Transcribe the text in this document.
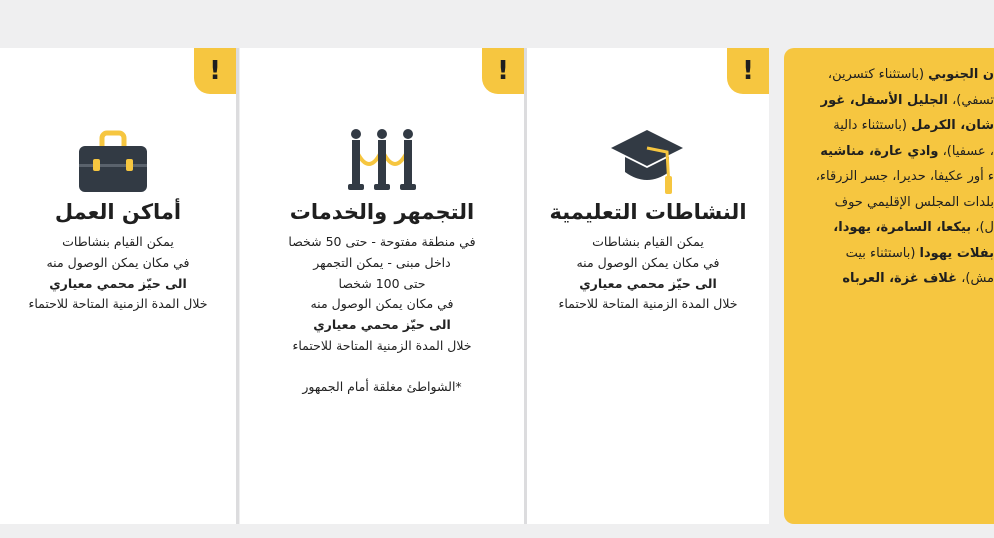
!
أماكن العمل
يمكن القيام بنشاطات
في مكان يمكن الوصول منه
الى حيّز محمي معياري
خلال المدة الزمنية المتاحة للاحتماء
!
التجمهر والخدمات
في منطقة مفتوحة - حتى 50 شخصا
داخل مبنى - يمكن التجمهر
حتى 100 شخصا
في مكان يمكن الوصول منه
الى حيّز محمي معياري
خلال المدة الزمنية المتاحة للاحتماء
*الشواطئ مغلقة أمام الجمهور
!
النشاطات التعليمية
يمكن القيام بنشاطات
في مكان يمكن الوصول منه
الى حيّز محمي معياري
خلال المدة الزمنية المتاحة للاحتماء
ن الجنوبي (باستثناء كتسرين،
تسفي)، الجليل الأسفل، غور
شان، الكرمل (باستثناء دالية
، عسفيا)، وادي عارة، مناشيه
ء أور عكيفا، حديرا، جسر الزرقاء،
بلدات المجلس الإقليمي حوف
ل)، بيكعا، السامرة، يهودا،
بفلات يهودا (باستثناء بيت
مش)، غلاف غزة، العرباه
